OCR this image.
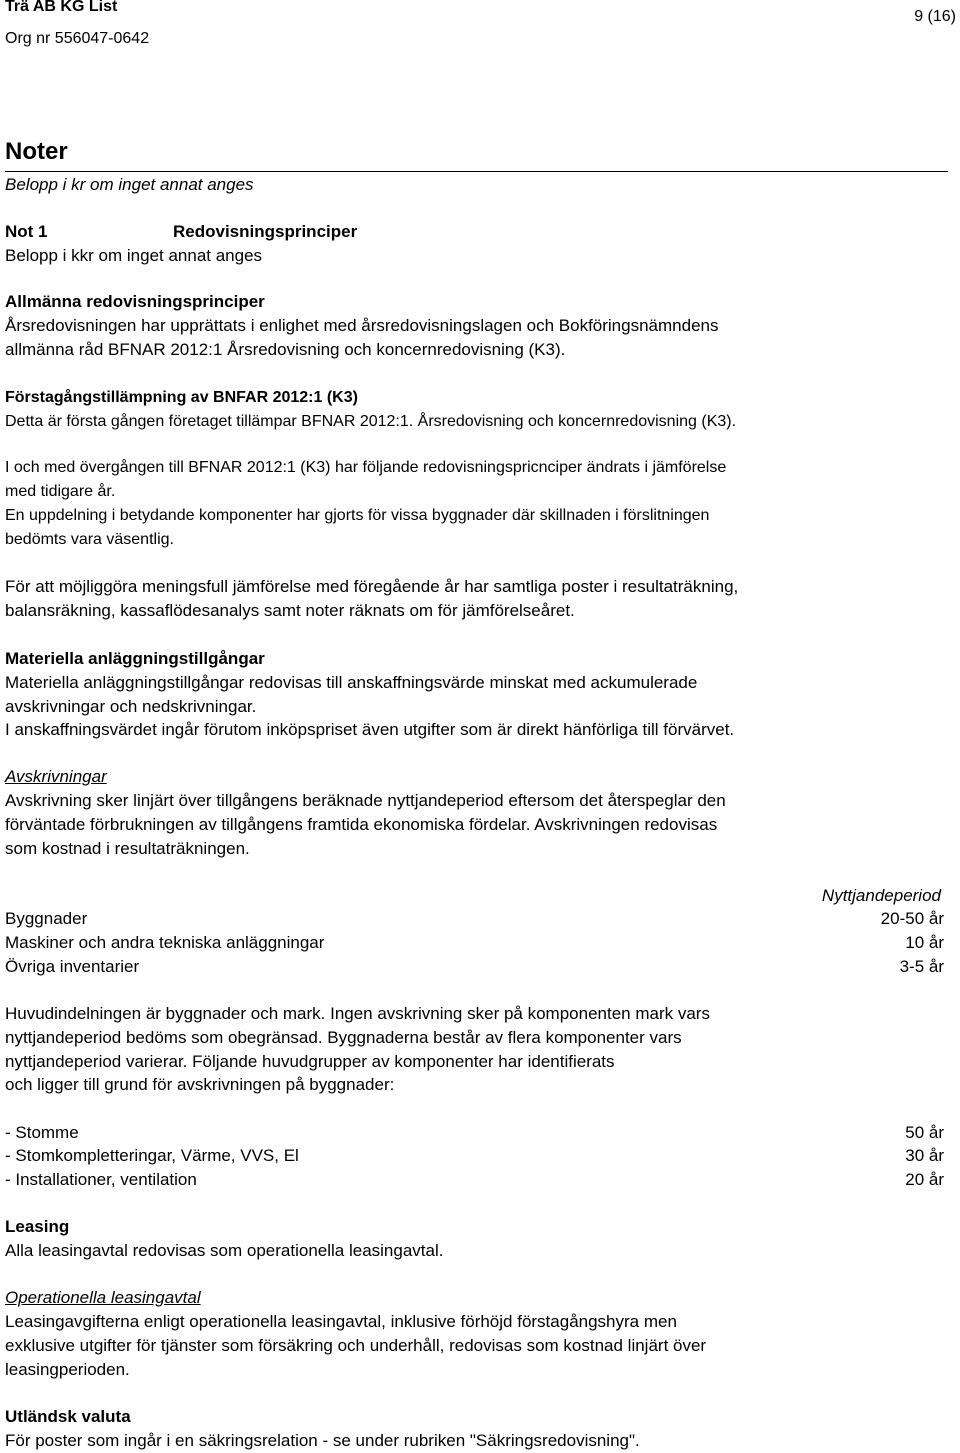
Trä AB KG List
Org nr 556047-0642
9 (16)
Noter
Belopp i kr om inget annat anges
Not 1	Redovisningsprinciper
Belopp i kkr om inget annat anges
Allmänna redovisningsprinciper
Årsredovisningen har upprättats i enlighet med årsredovisningslagen och Bokföringsnämndens
allmänna råd BFNAR 2012:1 Årsredovisning och koncernredovisning (K3).
Förstagångstillämpning av BNFAR 2012:1 (K3)
Detta är första gången företaget tillämpar BFNAR 2012:1. Årsredovisning och koncernredovisning (K3).
I och med övergången till BFNAR 2012:1 (K3) har följande redovisningspricnciper ändrats i jämförelse
med tidigare år.
En uppdelning i betydande komponenter har gjorts för vissa byggnader där skillnaden i förslitningen
bedömts vara väsentlig.
För att möjliggöra meningsfull jämförelse med föregående år har samtliga poster i resultaträkning,
balansräkning, kassaflödesanalys samt noter räknats om för jämförelseåret.
Materiella anläggningstillgångar
Materiella anläggningstillgångar redovisas till anskaffningsvärde minskat med ackumulerade
avskrivningar och nedskrivningar.
I anskaffningsvärdet ingår förutom inköpspriset även utgifter som är direkt hänförliga till förvärvet.
Avskrivningar
Avskrivning sker linjärt över tillgångens beräknade nyttjandeperiod eftersom det återspeglar den
förväntade förbrukningen av tillgångens framtida ekonomiska fördelar. Avskrivningen redovisas
som kostnad i resultaträkningen.
Nyttjandeperiod
Byggnader	20-50 år
Maskiner och andra tekniska anläggningar	10 år
Övriga inventarier	3-5 år
Huvudindelningen är byggnader och mark. Ingen avskrivning sker på komponenten mark vars
nyttjandeperiod bedöms som obegränsad. Byggnaderna består av flera komponenter vars
nyttjandeperiod varierar. Följande huvudgrupper av komponenter har identifierats
och ligger till grund för avskrivningen på byggnader:
- Stomme	50 år
- Stomkompletteringar, Värme, VVS, El	30 år
- Installationer, ventilation	20 år
Leasing
Alla leasingavtal redovisas som operationella leasingavtal.
Operationella leasingavtal
Leasingavgifterna enligt operationella leasingavtal, inklusive förhöjd förstagångshyra men
exklusive utgifter för tjänster som försäkring och underhåll, redovisas som kostnad linjärt över
leasingperioden.
Utländsk valuta
För poster som ingår i en säkringsrelation - se under rubriken "Säkringsredovisning".
